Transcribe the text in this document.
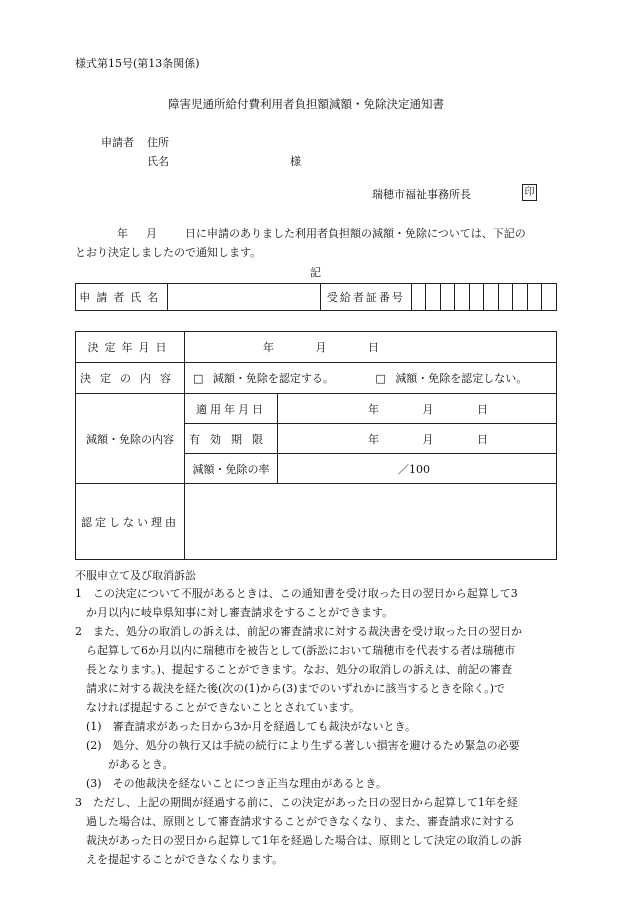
様式第15号(第13条関係)
障害児通所給付費利用者負担額減額・免除決定通知書
申請者 住所
氏名	様
瑞穂市福祉事務所長	印
年 月	日に申請のありました利用者負担額の減額・免除については、下記の
とおり決定しましたので通知します。
記
申請者氏名		受給者証番号										
決定年月日	年 月 日	
決定の内容	□ 減額・免除を認定する。 □ 減額・免除を認定しない。	
減額・免除の内容	適用年月日	年 月 日
	有効期限	年 月 日
	減額・免除の率	／100
認定しない理由		
不服申立て及び取消訴訟
1　この決定について不服があるときは、この通知書を受け取った日の翌日から起算して3
　か月以内に岐阜県知事に対し審査請求をすることができます。
2　また、処分の取消しの訴えは、前記の審査請求に対する裁決書を受け取った日の翌日か
　ら起算して6か月以内に瑞穂市を被告として(訴訟において瑞穂市を代表する者は瑞穂市
　長となります。)、提起することができます。なお、処分の取消しの訴えは、前記の審査
　請求に対する裁決を経た後(次の(1)から(3)までのいずれかに該当するときを除く。)で
　なければ提起することができないこととされています。
　(1)　審査請求があった日から3か月を経過しても裁決がないとき。
　(2)　処分、処分の執行又は手続の続行により生ずる著しい損害を避けるため緊急の必要
　　　があるとき。
　(3)　その他裁決を経ないことにつき正当な理由があるとき。
3　ただし、上記の期間が経過する前に、この決定があった日の翌日から起算して1年を経
　過した場合は、原則として審査請求することができなくなり、また、審査請求に対する
　裁決があった日の翌日から起算して1年を経過した場合は、原則として決定の取消しの訴
　えを提起することができなくなります。
